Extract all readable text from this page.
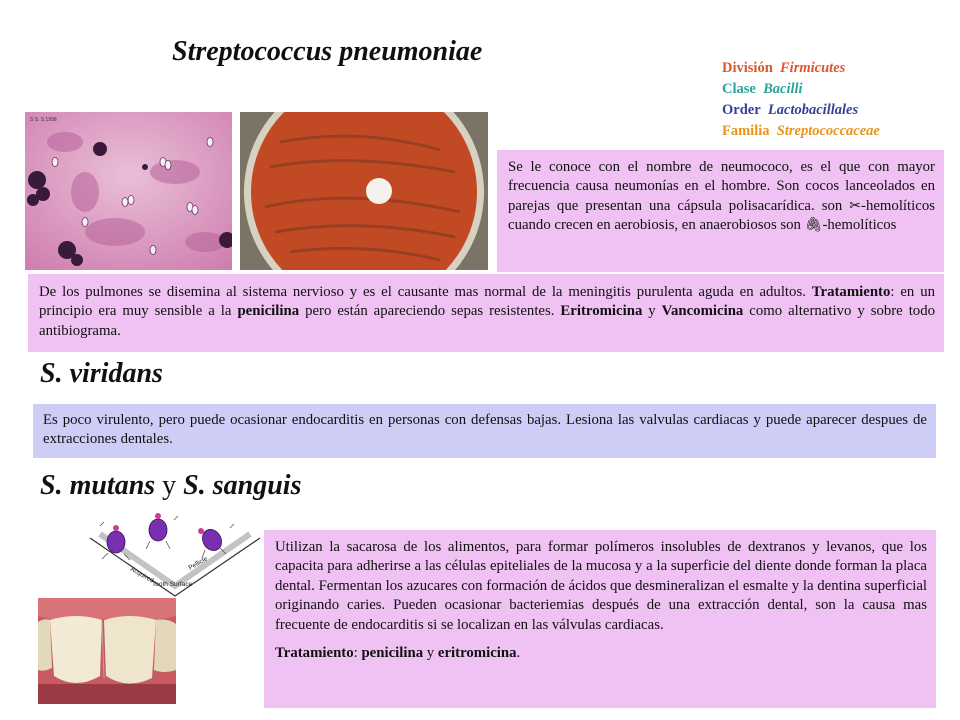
Streptococcus pneumoniae
División Firmicutes
Clase Bacilli
Order Lactobacillales
Familia Streptococcaceae
S S. S 1998
Se le conoce con el nombre de neumococo, es el que con mayor frecuencia causa neumonías en el hombre. Son cocos lanceolados en parejas que presentan una cápsula polisacarídica. son ✂-hemolíticos cuando crecen en aerobiosis, en anaerobiosos son 🖇-hemolíticos
De los pulmones se disemina al sistema nervioso y es el causante mas normal de la meningitis purulenta aguda en adultos. Tratamiento: en un principio era muy sensible a la penicilina pero están apareciendo sepas resistentes. Eritromicina y Vancomicina como alternativo y sobre todo antibiograma.
S. viridans
Es poco virulento, pero puede ocasionar endocarditis en personas con defensas bajas. Lesiona las valvulas cardiacas y puede aparecer despues de extracciones dentales.
S. mutans y S. sanguis
Acquired
Pellicle
Tooth Surface

Utilizan la sacarosa de los alimentos, para formar polímeros insolubles de dextranos y levanos, que los capacita para adherirse a las células epiteliales de la mucosa y a la superficie del diente donde forman la placa dental. Fermentan los azucares con formación de ácidos que desmineralizan el esmalte y la dentina superficial originando caries. Pueden ocasionar bacteriemias después de una extracción dental, son la causa mas frecuente de endocarditis si se localizan en las válvulas cardiacas.

Tratamiento: penicilina y eritromicina.
